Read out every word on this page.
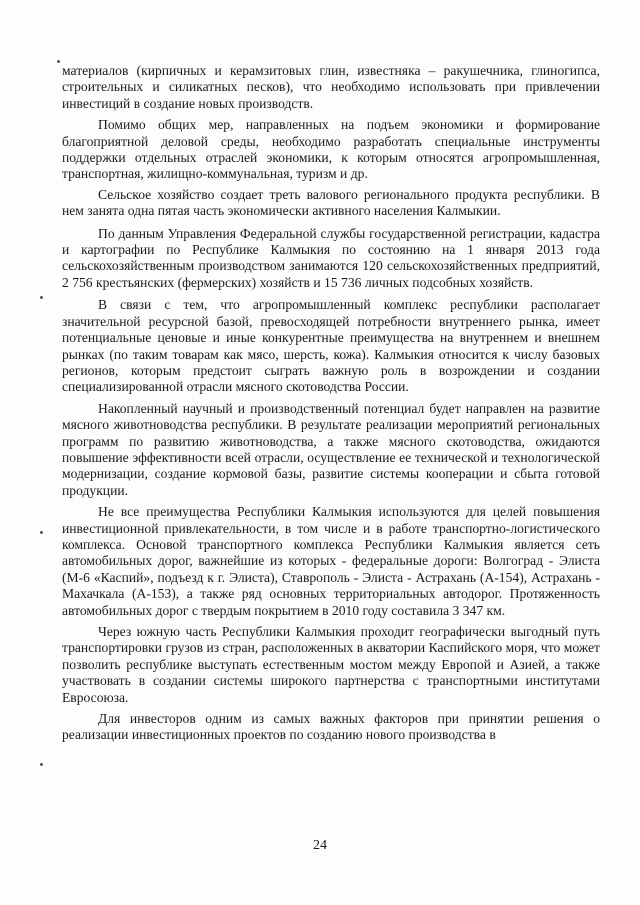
материалов (кирпичных и керамзитовых глин, известняка – ракушечника, глиногипса, строительных и силикатных песков), что необходимо использовать при привлечении инвестиций в создание новых производств.

Помимо общих мер, направленных на подъем экономики и формирование благоприятной деловой среды, необходимо разработать специальные инструменты поддержки отдельных отраслей экономики, к которым относятся агропромышленная, транспортная, жилищно-коммунальная, туризм и др.

Сельское хозяйство создает треть валового регионального продукта республики. В нем занята одна пятая часть экономически активного населения Калмыкии.

По данным Управления Федеральной службы государственной регистрации, кадастра и картографии по Республике Калмыкия по состоянию на 1 января 2013 года сельскохозяйственным производством занимаются 120 сельскохозяйственных предприятий, 2 756 крестьянских (фермерских) хозяйств и 15 736 личных подсобных хозяйств.

В связи с тем, что агропромышленный комплекс республики располагает значительной ресурсной базой, превосходящей потребности внутреннего рынка, имеет потенциальные ценовые и иные конкурентные преимущества на внутреннем и внешнем рынках (по таким товарам как мясо, шерсть, кожа). Калмыкия относится к числу базовых регионов, которым предстоит сыграть важную роль в возрождении и создании специализированной отрасли мясного скотоводства России.

Накопленный научный и производственный потенциал будет направлен на развитие мясного животноводства республики. В результате реализации мероприятий региональных программ по развитию животноводства, а также мясного скотоводства, ожидаются повышение эффективности всей отрасли, осуществление ее технической и технологической модернизации, создание кормовой базы, развитие системы кооперации и сбыта готовой продукции.

Не все преимущества Республики Калмыкия используются для целей повышения инвестиционной привлекательности, в том числе и в работе транспортно-логистического комплекса. Основой транспортного комплекса Республики Калмыкия является сеть автомобильных дорог, важнейшие из которых - федеральные дороги: Волгоград - Элиста (М-6 «Каспий», подъезд к г. Элиста), Ставрополь - Элиста - Астрахань (А-154), Астрахань - Махачкала (А-153), а также ряд основных территориальных автодорог. Протяженность автомобильных дорог с твердым покрытием в 2010 году составила 3 347 км.

Через южную часть Республики Калмыкия проходит географически выгодный путь транспортировки грузов из стран, расположенных в акватории Каспийского моря, что может позволить республике выступать естественным мостом между Европой и Азией, а также участвовать в создании системы широкого партнерства с транспортными институтами Евросоюза.

Для инвесторов одним из самых важных факторов при принятии решения о реализации инвестиционных проектов по созданию нового производства в

24
